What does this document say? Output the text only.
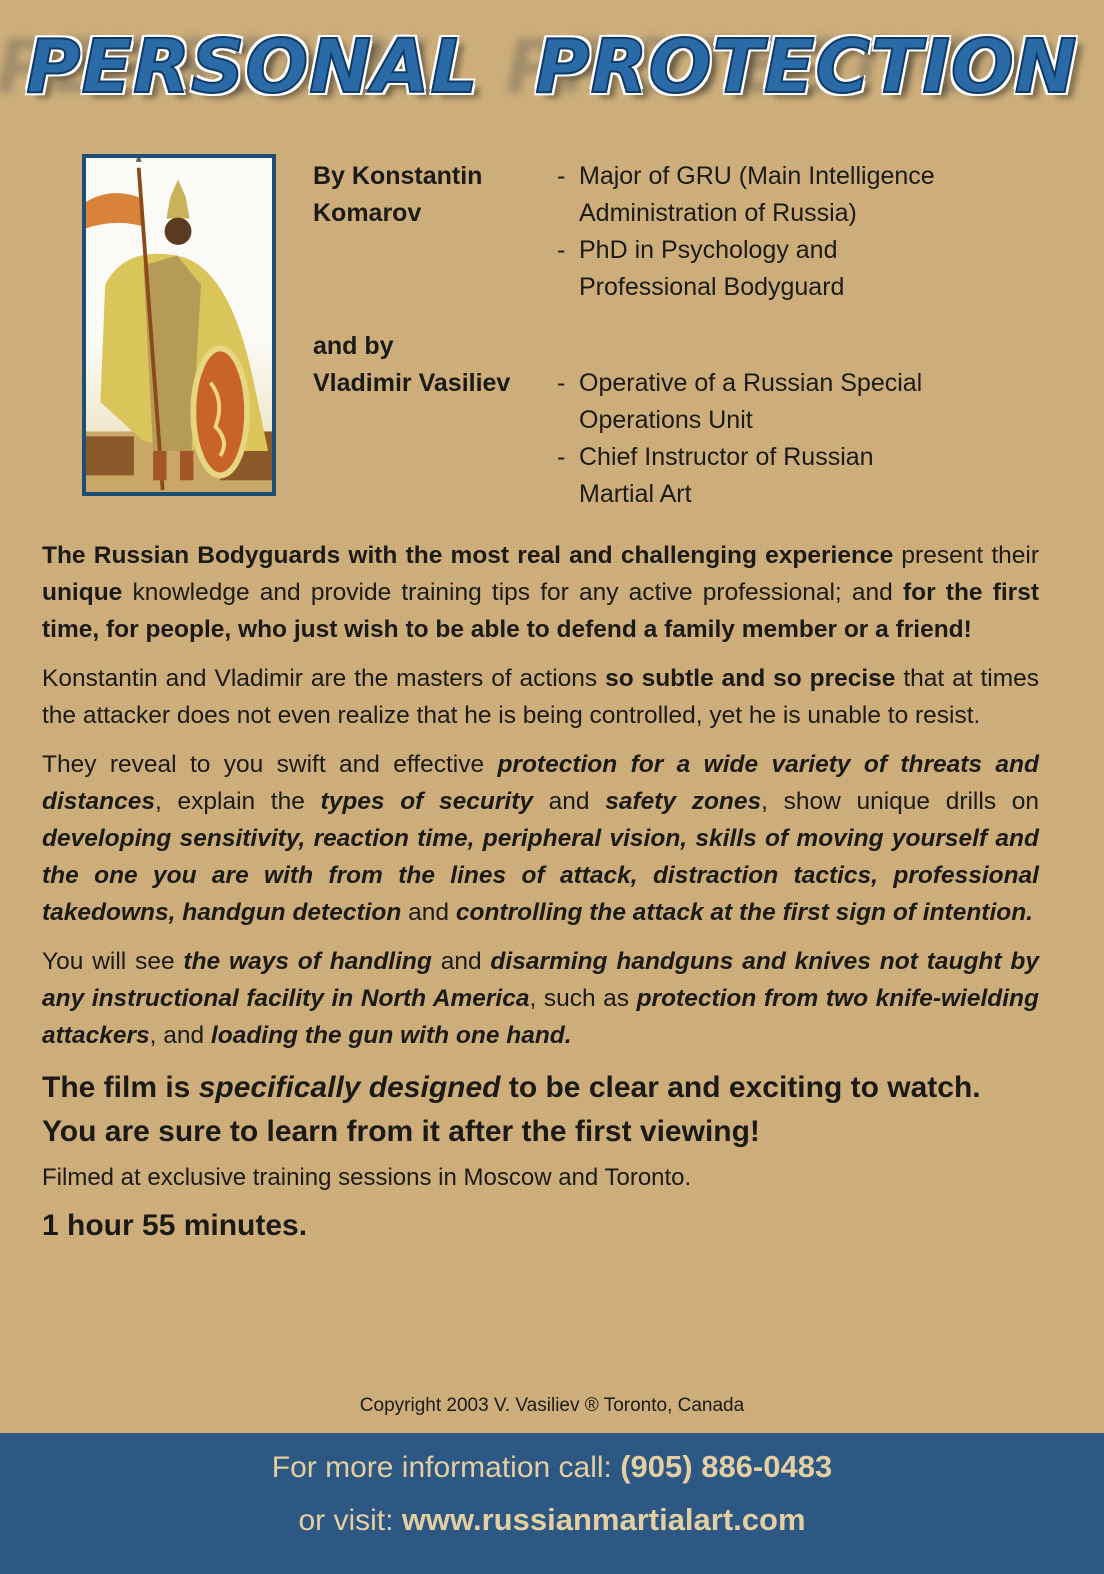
PERSONAL PROTECTION
By Konstantin
Komarov
- Major of GRU (Main Intelligence
Administration of Russia)
- PhD in Psychology and
Professional Bodyguard
and by
Vladimir Vasiliev	- Operative of a Russian Special
Operations Unit
- Chief Instructor of Russian
Martial Art

The Russian Bodyguards with the most real and challenging experience present their unique knowledge and provide training tips for any active professional; and for the first time, for people, who just wish to be able to defend a family member or a friend!

Konstantin and Vladimir are the masters of actions so subtle and so precise that at times the attacker does not even realize that he is being controlled, yet he is unable to resist.

They reveal to you swift and effective protection for a wide variety of threats and distances, explain the types of security and safety zones, show unique drills on developing sensitivity, reaction time, peripheral vision, skills of moving yourself and the one you are with from the lines of attack, distraction tactics, professional takedowns, handgun detection and controlling the attack at the first sign of intention.

You will see the ways of handling and disarming handguns and knives not taught by any instructional facility in North America, such as protection from two knife-wielding attackers, and loading the gun with one hand.

The film is specifically designed to be clear and exciting to watch. You are sure to learn from it after the first viewing!

Filmed at exclusive training sessions in Moscow and Toronto.

1 hour 55 minutes.

Copyright 2003 V. Vasiliev ® Toronto, Canada
For more information call: (905) 886-0483
or visit: www.russianmartialart.com
